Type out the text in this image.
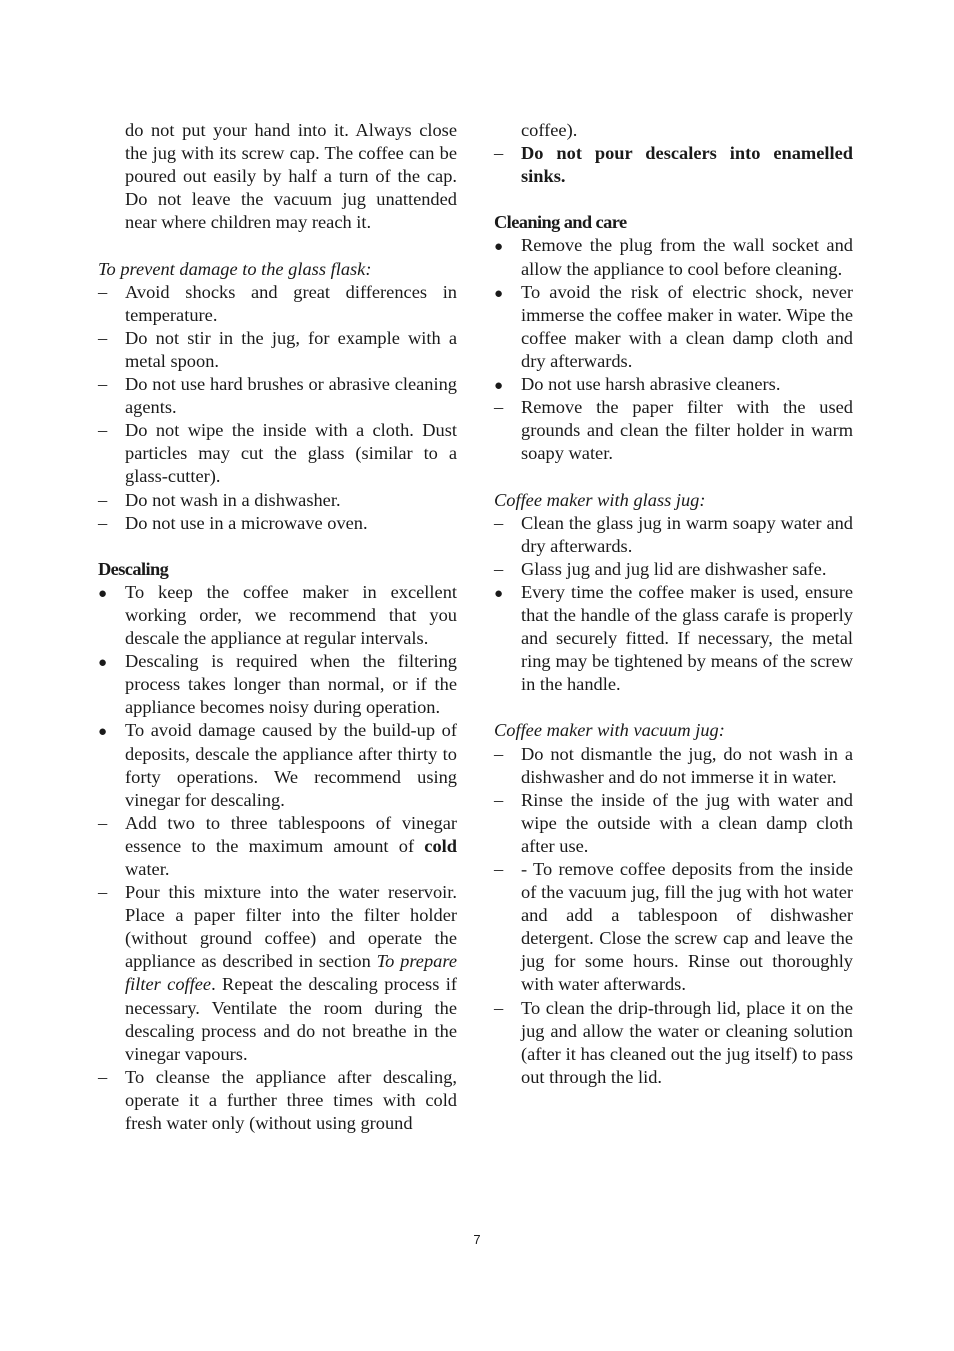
do not put your hand into it. Always close the jug with its screw cap. The coffee can be poured out easily by half a turn of the cap. Do not leave the vacuum jug unattended near where children may reach it.
To prevent damage to the glass flask:
–
Avoid shocks and great differences in temperature.
–
Do not stir in the jug, for example with a metal spoon.
–
Do not use hard brushes or abrasive cleaning agents.
–
Do not wipe the inside with a cloth. Dust particles may cut the glass (similar to a glass-cutter).
–
Do not wash in a dishwasher.
–
Do not use in a microwave oven.
Descaling
●
To keep the coffee maker in excellent working order, we recommend that you descale the appliance at regular intervals.
●
Descaling is required when the filtering process takes longer than normal, or if the appliance becomes noisy during operation.
●
To avoid damage caused by the build-up of deposits, descale the appliance after thirty to forty operations. We recommend using vinegar for descaling.
–
Add two to three tablespoons of vinegar essence to the maximum amount of cold water.
–
Pour this mixture into the water reservoir. Place a paper filter into the filter holder (without ground coffee) and operate the appliance as described in section To prepare filter coffee. Repeat the descaling process if necessary. Ventilate the room during the descaling process and do not breathe in the vinegar vapours.
–
To cleanse the appliance after descaling, operate it a further three times with cold fresh water only (without using ground
coffee).
–
Do not pour descalers into enamelled sinks.
Cleaning and care
●
Remove the plug from the wall socket and allow the appliance to cool before cleaning.
●
To avoid the risk of electric shock, never immerse the coffee maker in water. Wipe the coffee maker with a clean damp cloth and dry afterwards.
●
Do not use harsh abrasive cleaners.
–
Remove the paper filter with the used grounds and clean the filter holder in warm soapy water.
Coffee maker with glass jug:
–
Clean the glass jug in warm soapy water and dry afterwards.
–
Glass jug and jug lid are dishwasher safe.
●
Every time the coffee maker is used, ensure that the handle of the glass carafe is properly and securely fitted. If necessary, the metal ring may be tightened by means of the screw in the handle.
Coffee maker with vacuum jug:
–
Do not dismantle the jug, do not wash in a dishwasher and do not immerse it in water.
–
Rinse the inside of the jug with water and wipe the outside with a clean damp cloth after use.
–
- To remove coffee deposits from the inside of the vacuum jug, fill the jug with hot water and add a tablespoon of dishwasher detergent. Close the screw cap and leave the jug for some hours. Rinse out thoroughly with water afterwards.
–
To clean the drip-through lid, place it on the jug and allow the water or cleaning solution (after it has cleaned out the jug itself) to pass out through the lid.
7
